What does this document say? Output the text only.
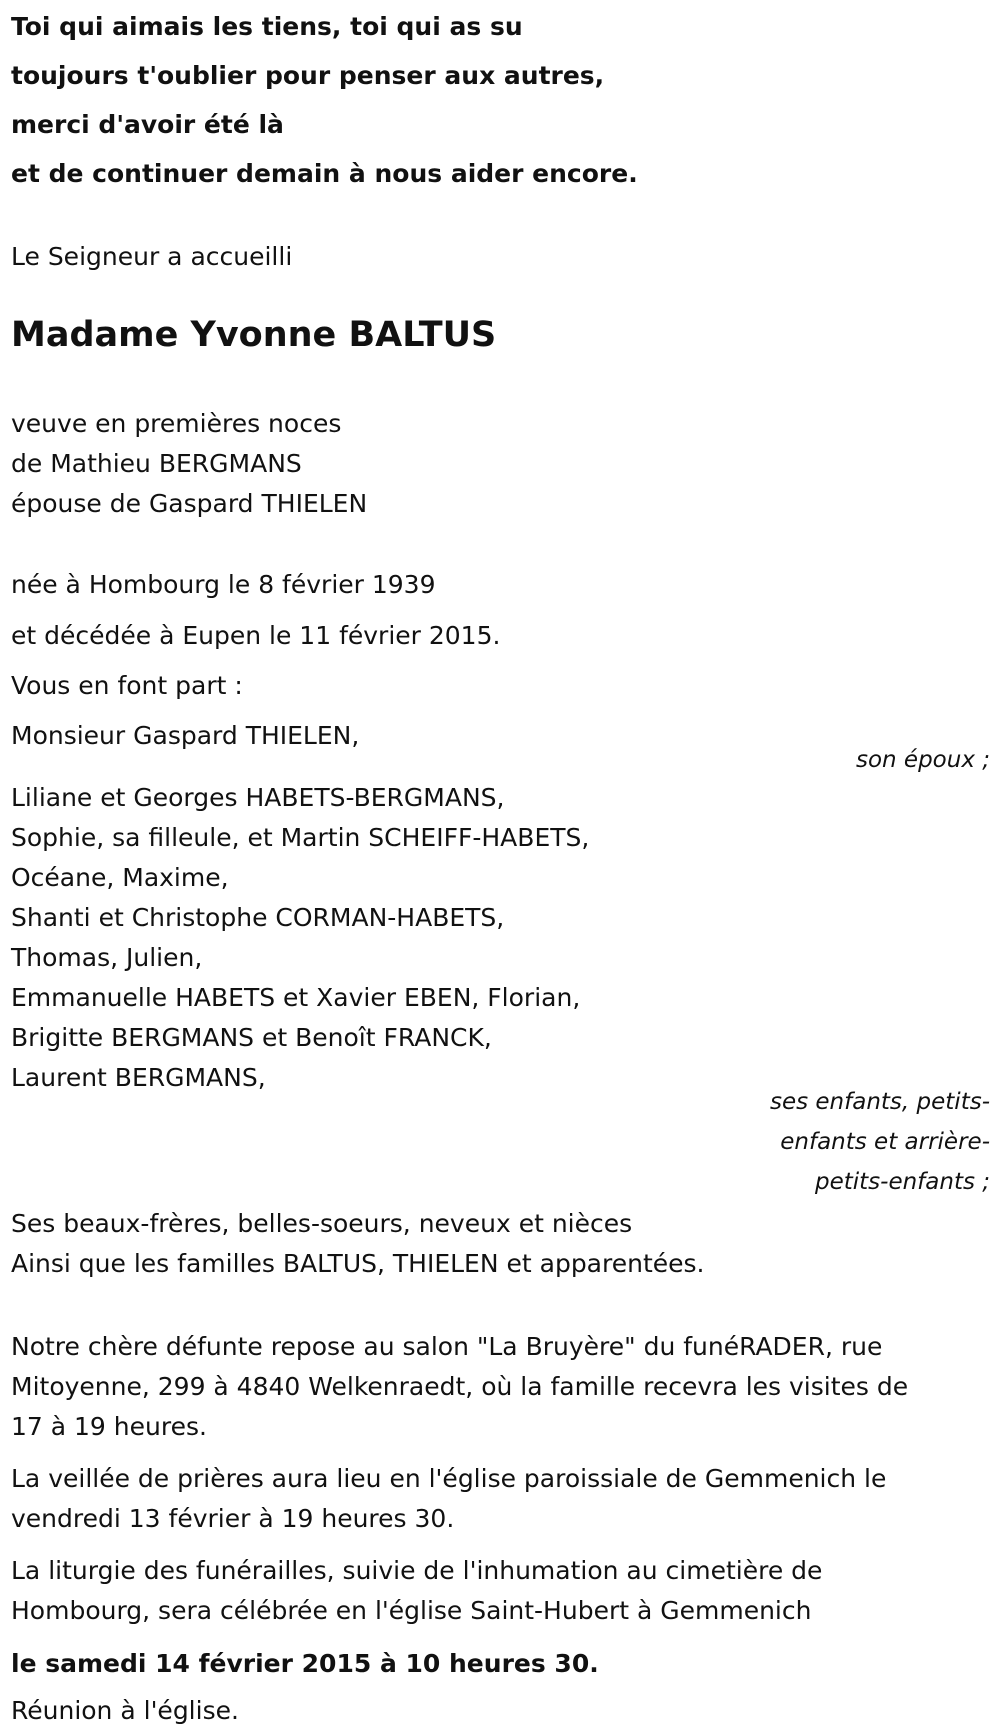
Toi qui aimais les tiens, toi qui as su
toujours t'oublier pour penser aux autres,
merci d'avoir été là
et de continuer demain à nous aider encore.
Le Seigneur a accueilli
Madame Yvonne BALTUS
veuve en premières noces
de Mathieu BERGMANS
épouse de Gaspard THIELEN
née à Hombourg le 8 février 1939
et décédée à Eupen le 11 février 2015.
Vous en font part :
Monsieur Gaspard THIELEN,
son époux ;
Liliane et Georges HABETS-BERGMANS,
Sophie, sa filleule, et Martin SCHEIFF-HABETS,
Océane, Maxime,
Shanti et Christophe CORMAN-HABETS,
Thomas, Julien,
Emmanuelle HABETS et Xavier EBEN, Florian,
Brigitte BERGMANS et Benoît FRANCK,
Laurent BERGMANS,
ses enfants, petits-
enfants et arrière-
petits-enfants ;
Ses beaux-frères, belles-soeurs, neveux et nièces
Ainsi que les familles BALTUS, THIELEN et apparentées.
Notre chère défunte repose au salon "La Bruyère" du funéRADER, rue
Mitoyenne, 299 à 4840 Welkenraedt, où la famille recevra les visites de
17 à 19 heures.
La veillée de prières aura lieu en l'église paroissiale de Gemmenich le
vendredi 13 février à 19 heures 30.
La liturgie des funérailles, suivie de l'inhumation au cimetière de
Hombourg, sera célébrée en l'église Saint-Hubert à Gemmenich
le samedi 14 février 2015 à 10 heures 30.
Réunion à l'église.
